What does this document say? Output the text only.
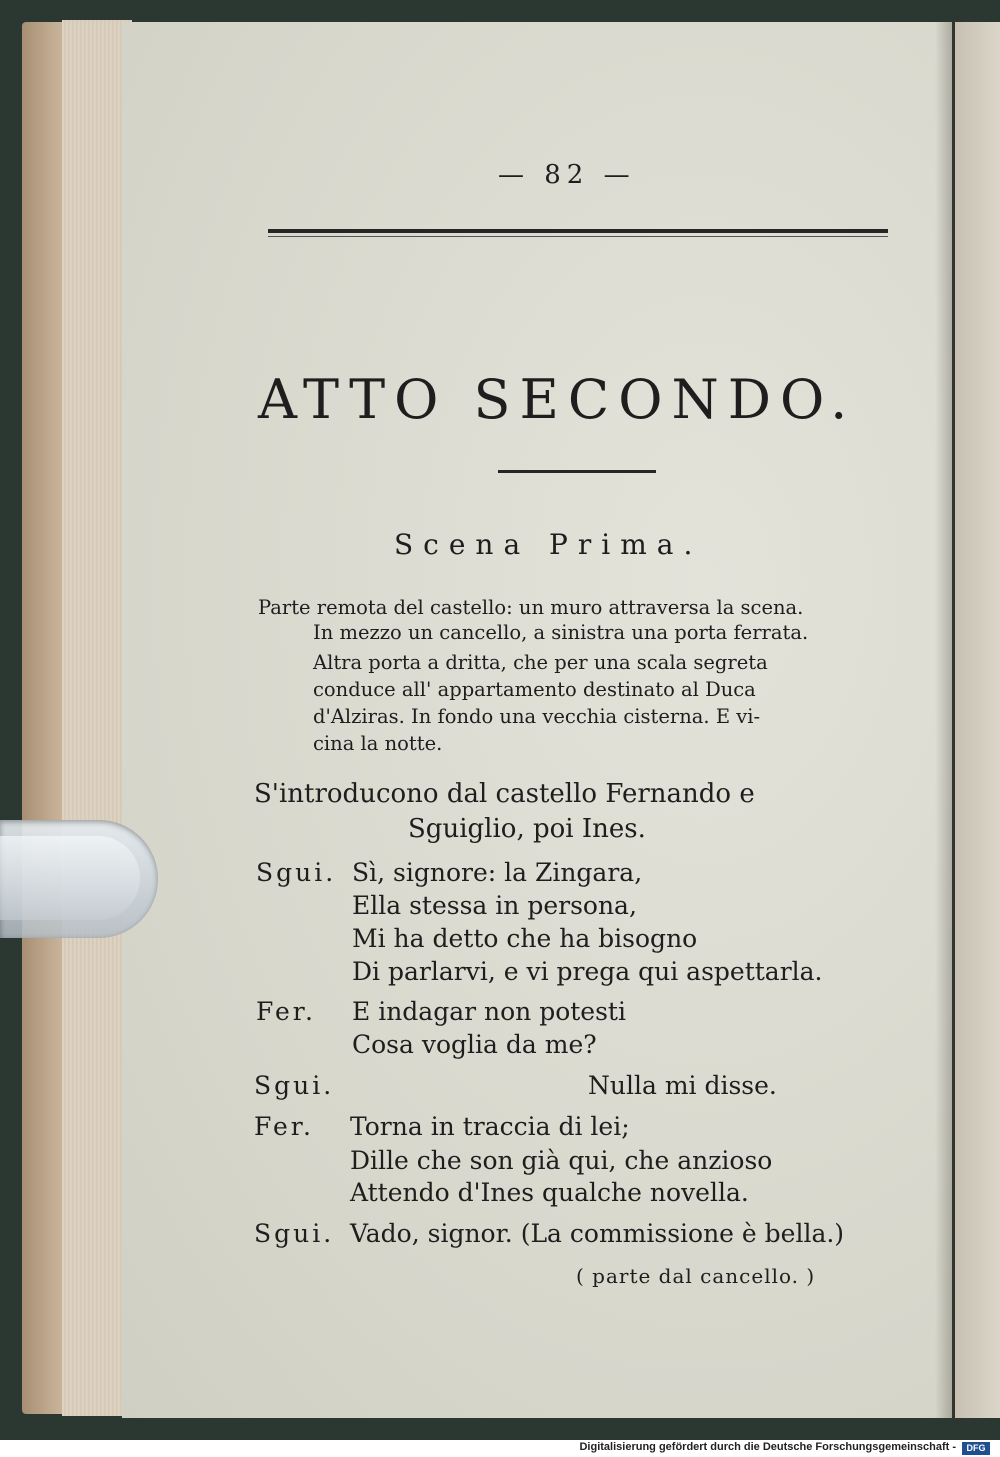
— 82 —
ATTO SECONDO.
Scena Prima.
Parte remota del castello: un muro attraversa la scena.
In mezzo un cancello, a sinistra una porta ferrata.
Altra porta a dritta, che per una scala segreta
conduce all' appartamento destinato al Duca
d'Alziras. In fondo una vecchia cisterna. E vi-
cina la notte.
S'introducono dal castello Fernando e
Sguiglio, poi Ines.
Sgui. Sì, signore: la Zingara,
Ella stessa in persona,
Mi ha detto che ha bisogno
Di parlarvi, e vi prega qui aspettarla.
Fer. E indagar non potesti
Cosa voglia da me?
Sgui.	Nulla mi disse.
Fer. Torna in traccia di lei;
Dille che son già qui, che anzioso
Attendo d'Ines qualche novella.
Sgui. Vado, signor. (La commissione è bella.)
( parte dal cancello. )
Digitalisierung gefördert durch die Deutsche Forschungsgemeinschaft -	DFG
